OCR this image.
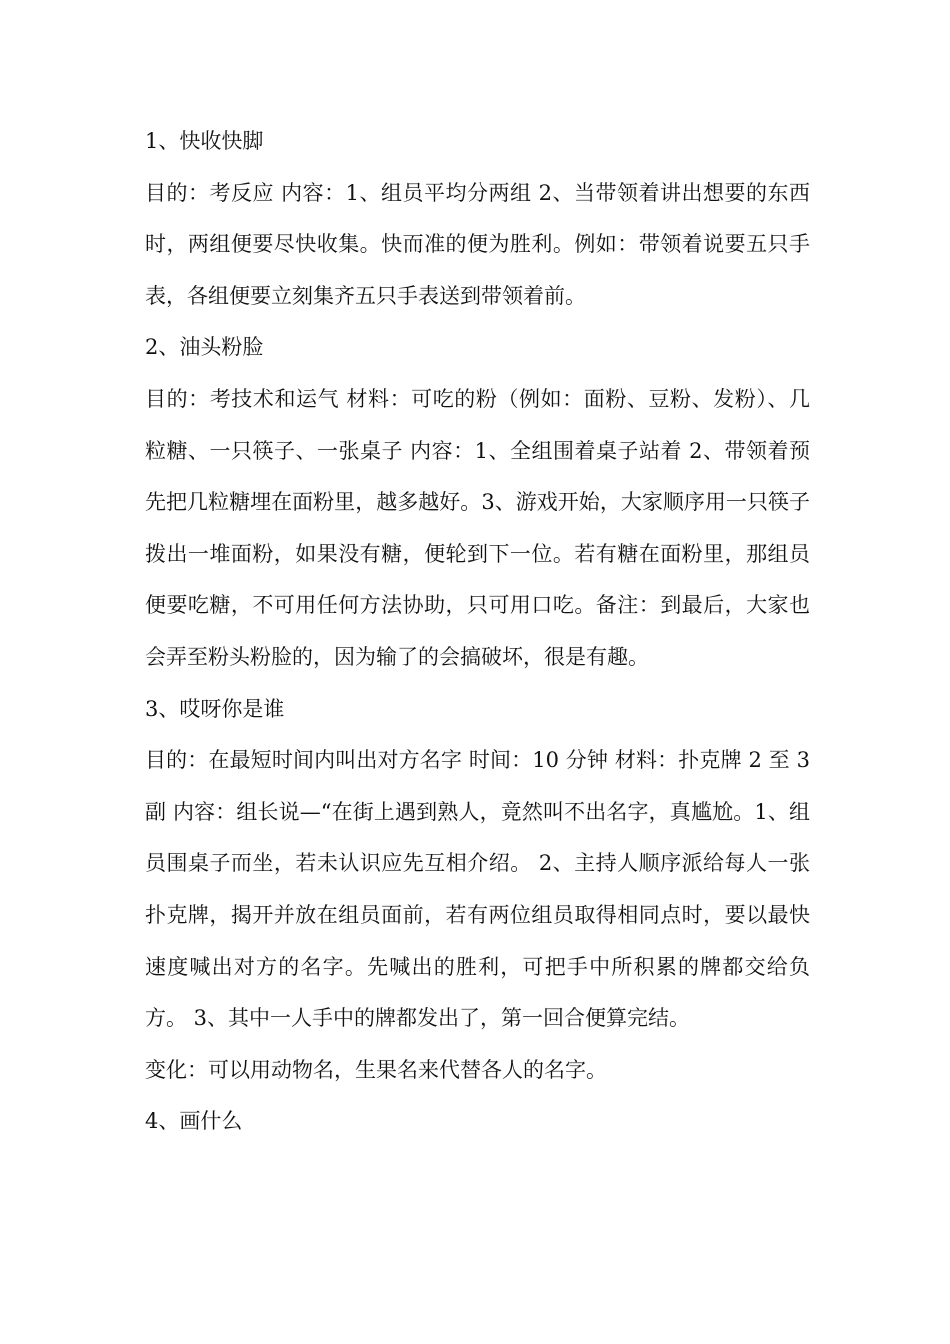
1、快收快脚

目的：考反应 内容：1、组员平均分两组 2、当带领着讲出想要的东西时，两组便要尽快收集。快而准的便为胜利。例如：带领着说要五只手表，各组便要立刻集齐五只手表送到带领着前。

2、油头粉脸

目的：考技术和运气 材料：可吃的粉（例如：面粉、豆粉、发粉）、几粒糖、一只筷子、一张桌子 内容：1、全组围着桌子站着 2、带领着预先把几粒糖埋在面粉里，越多越好。3、游戏开始，大家顺序用一只筷子拨出一堆面粉，如果没有糖，便轮到下一位。若有糖在面粉里，那组员便要吃糖，不可用任何方法协助，只可用口吃。备注：到最后，大家也会弄至粉头粉脸的，因为输了的会搞破坏，很是有趣。

3、哎呀你是谁

目的：在最短时间内叫出对方名字 时间：10 分钟 材料：扑克牌 2 至 3 副 内容：组长说—“在街上遇到熟人，竟然叫不出名字，真尴尬。1、组员围桌子而坐，若未认识应先互相介绍。 2、主持人顺序派给每人一张扑克牌，揭开并放在组员面前，若有两位组员取得相同点时，要以最快速度喊出对方的名字。先喊出的胜利，可把手中所积累的牌都交给负方。 3、其中一人手中的牌都发出了，第一回合便算完结。

变化：可以用动物名，生果名来代替各人的名字。

4、画什么
